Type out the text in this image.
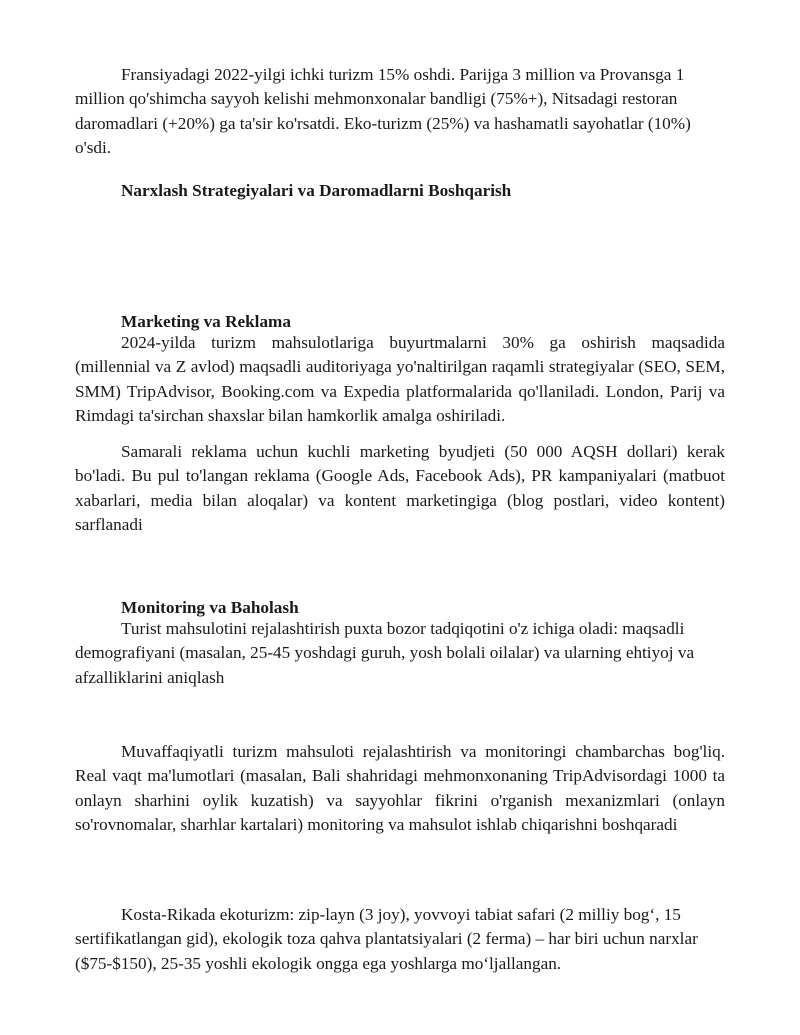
Fransiyadagi 2022-yilgi ichki turizm 15% oshdi. Parijga 3 million va Provansga 1 million qo'shimcha sayyoh kelishi mehmonxonalar bandligi (75%+), Nitsadagi restoran daromadlari (+20%) ga ta'sir ko'rsatdi. Eko-turizm (25%) va hashamatli sayohatlar (10%) o'sdi.

Narxlash Strategiyalari va Daromadlarni Boshqarish
Marketing va Reklama

2024-yilda turizm mahsulotlariga buyurtmalarni 30% ga oshirish maqsadida (millennial va Z avlod) maqsadli auditoriyaga yo'naltirilgan raqamli strategiyalar (SEO, SEM, SMM) TripAdvisor, Booking.com va Expedia platformalarida qo'llaniladi. London, Parij va Rimdagi ta'sirchan shaxslar bilan hamkorlik amalga oshiriladi.

Samarali reklama uchun kuchli marketing byudjeti (50 000 AQSH dollari) kerak bo'ladi. Bu pul to'langan reklama (Google Ads, Facebook Ads), PR kampaniyalari (matbuot xabarlari, media bilan aloqalar) va kontent marketingiga (blog postlari, video kontent) sarflanadi

Monitoring va Baholash

Turist mahsulotini rejalashtirish puxta bozor tadqiqotini o'z ichiga oladi: maqsadli demografiyani (masalan, 25-45 yoshdagi guruh, yosh bolali oilalar) va ularning ehtiyoj va afzalliklarini aniqlash

Muvaffaqiyatli turizm mahsuloti rejalashtirish va monitoringi chambarchas bog'liq. Real vaqt ma'lumotlari (masalan, Bali shahridagi mehmonxonaning TripAdvisordagi 1000 ta onlayn sharhini oylik kuzatish) va sayyohlar fikrini o'rganish mexanizmlari (onlayn so'rovnomalar, sharhlar kartalari) monitoring va mahsulot ishlab chiqarishni boshqaradi

Kosta-Rikada ekoturizm: zip-layn (3 joy), yovvoyi tabiat safari (2 milliy bog‘, 15 sertifikatlangan gid), ekologik toza qahva plantatsiyalari (2 ferma) – har biri uchun narxlar ($75-$150), 25-35 yoshli ekologik ongga ega yoshlarga mo‘ljallangan.
